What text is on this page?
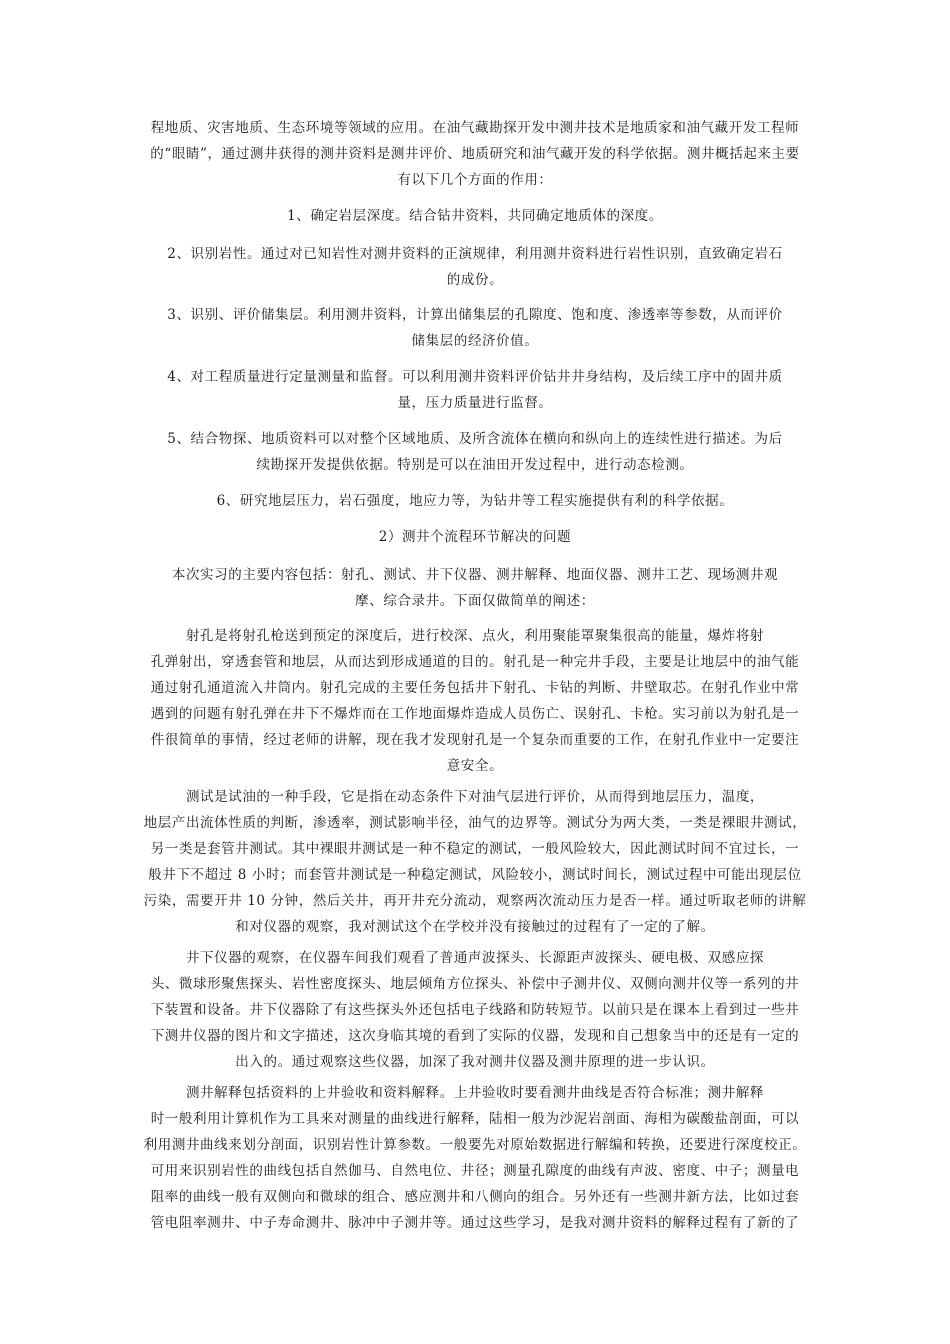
程地质、灾害地质、生态环境等领域的应用。在油气藏勘探开发中测井技术是地质家和油气藏开发工程师
的“眼睛”，通过测井获得的测井资料是测井评价、地质研究和油气藏开发的科学依据。测井概括起来主要
有以下几个方面的作用：

1、确定岩层深度。结合钻井资料，共同确定地质体的深度。

2、识别岩性。通过对已知岩性对测井资料的正演规律，利用测井资料进行岩性识别，直致确定岩石
的成份。

3、识别、评价储集层。利用测井资料，计算出储集层的孔隙度、饱和度、渗透率等参数，从而评价
储集层的经济价值。

4、对工程质量进行定量测量和监督。可以利用测井资料评价钻井井身结构，及后续工序中的固井质
量，压力质量进行监督。

5、结合物探、地质资料可以对整个区域地质、及所含流体在横向和纵向上的连续性进行描述。为后
续勘探开发提供依据。特别是可以在油田开发过程中，进行动态检测。

6、研究地层压力，岩石强度，地应力等，为钻井等工程实施提供有利的科学依据。

2）测井个流程环节解决的问题

本次实习的主要内容包括：射孔、测试、井下仪器、测井解释、地面仪器、测井工艺、现场测井观
摩、综合录井。下面仅做简单的阐述：

射孔是将射孔枪送到预定的深度后，进行校深、点火，利用聚能罩聚集很高的能量，爆炸将射
孔弹射出，穿透套管和地层，从而达到形成通道的目的。射孔是一种完井手段，主要是让地层中的油气能
通过射孔通道流入井筒内。射孔完成的主要任务包括井下射孔、卡钻的判断、井壁取芯。在射孔作业中常
遇到的问题有射孔弹在井下不爆炸而在工作地面爆炸造成人员伤亡、误射孔、卡枪。实习前以为射孔是一
件很简单的事情，经过老师的讲解，现在我才发现射孔是一个复杂而重要的工作，在射孔作业中一定要注
意安全。

测试是试油的一种手段，它是指在动态条件下对油气层进行评价，从而得到地层压力，温度，
地层产出流体性质的判断，渗透率，测试影响半径，油气的边界等。测试分为两大类，一类是裸眼井测试，
另一类是套管井测试。其中裸眼井测试是一种不稳定的测试，一般风险较大，因此测试时间不宜过长，一
般井下不超过 8 小时；而套管井测试是一种稳定测试，风险较小，测试时间长，测试过程中可能出现层位
污染，需要开井 10 分钟，然后关井，再开井充分流动，观察两次流动压力是否一样。通过听取老师的讲解
和对仪器的观察，我对测试这个在学校并没有接触过的过程有了一定的了解。

井下仪器的观察，在仪器车间我们观看了普通声波探头、长源距声波探头、硬电极、双感应探
头、微球形聚焦探头、岩性密度探头、地层倾角方位探头、补偿中子测井仪、双侧向测井仪等一系列的井
下装置和设备。井下仪器除了有这些探头外还包括电子线路和防转短节。以前只是在课本上看到过一些井
下测井仪器的图片和文字描述，这次身临其境的看到了实际的仪器，发现和自己想象当中的还是有一定的
出入的。通过观察这些仪器，加深了我对测井仪器及测井原理的进一步认识。

测井解释包括资料的上井验收和资料解释。上井验收时要看测井曲线是否符合标准；测井解释
时一般利用计算机作为工具来对测量的曲线进行解释，陆相一般为沙泥岩剖面、海相为碳酸盐剖面，可以
利用测井曲线来划分剖面，识别岩性计算参数。一般要先对原始数据进行解编和转换，还要进行深度校正。
可用来识别岩性的曲线包括自然伽马、自然电位、井径；测量孔隙度的曲线有声波、密度、中子；测量电
阻率的曲线一般有双侧向和微球的组合、感应测井和八侧向的组合。另外还有一些测井新方法，比如过套
管电阻率测井、中子寿命测井、脉冲中子测井等。通过这些学习，是我对测井资料的解释过程有了新的了
